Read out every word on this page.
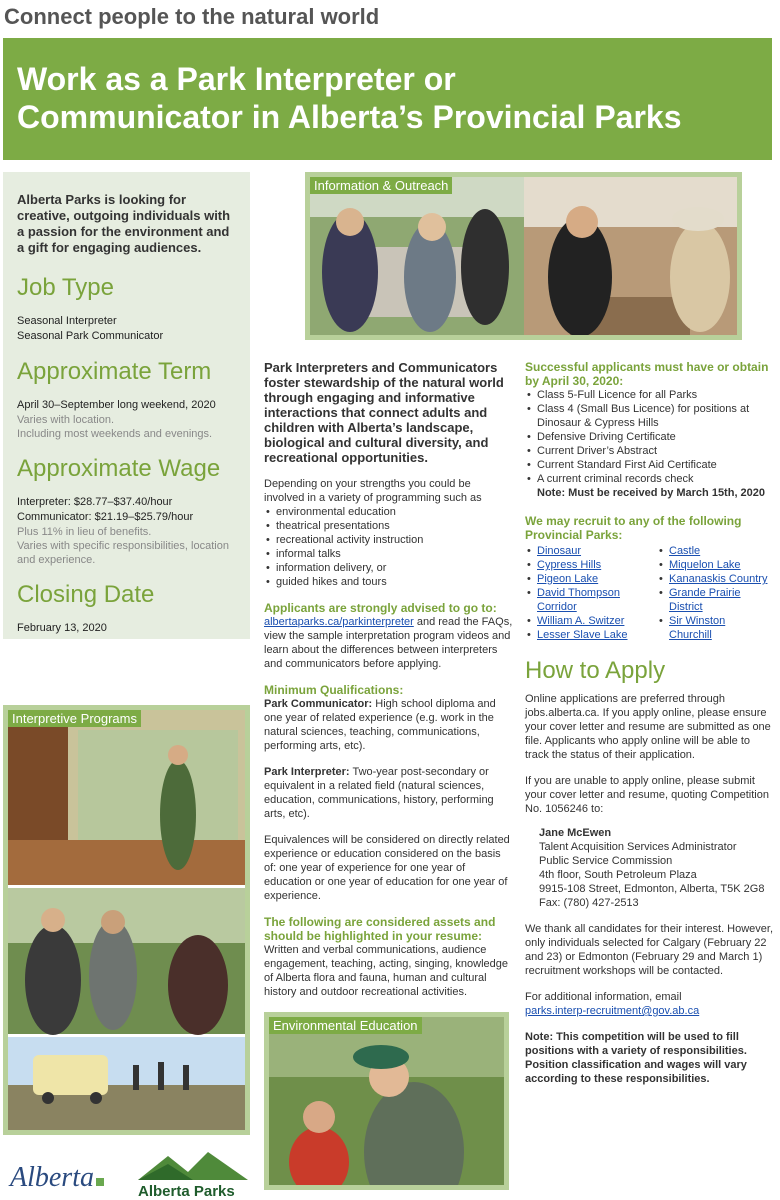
Connect people to the natural world
Work as a Park Interpreter or
Communicator in Alberta’s Provincial Parks
Alberta Parks is looking for creative, outgoing individuals with a passion for the environment and a gift for engaging audiences.
Job Type
Seasonal Interpreter
Seasonal Park Communicator
Approximate Term
April 30–September long weekend, 2020
Varies with location.
Including most weekends and evenings.
Approximate Wage
Interpreter: $28.77–$37.40/hour
Communicator: $21.19–$25.79/hour
Plus 11% in lieu of benefits.
Varies with specific responsibilities, location and experience.
Closing Date
February 13, 2020
Information & Outreach

Park Interpreters and Communicators foster stewardship of the natural world through engaging and informative interactions that connect adults and children with Alberta’s landscape, biological and cultural diversity, and recreational opportunities.

Depending on your strengths you could be involved in a variety of programming such as
• environmental education
• theatrical presentations
• recreational activity instruction
• informal talks
• information delivery, or
• guided hikes and tours
Applicants are strongly advised to go to:

albertaparks.ca/parkinterpreter and read the FAQs, view the sample interpretation program videos and learn about the differences between interpreters and communicators before applying.

Minimum Qualifications:

Park Communicator: High school diploma and one year of related experience (e.g. work in the natural sciences, teaching, communications, performing arts, etc).

Park Interpreter: Two-year post-secondary or equivalent in a related field (natural sciences, education, communications, history, performing arts, etc).

Equivalences will be considered on directly related experience or education considered on the basis of: one year of experience for one year of education or one year of education for one year of experience.

The following are considered assets and should be highlighted in your resume:

Written and verbal communications, audience engagement, teaching, acting, singing, knowledge of Alberta flora and fauna, human and cultural history and outdoor recreational activities.

Successful applicants must have or obtain by April 30, 2020:
• Class 5-Full Licence for all Parks
• Class 4 (Small Bus Licence) for positions at Dinosaur & Cypress Hills
• Defensive Driving Certificate
• Current Driver’s Abstract
• Current Standard First Aid Certificate
• A current criminal records check
Note: Must be received by March 15th, 2020
We may recruit to any of the following Provincial Parks:
• Dinosaur
• Cypress Hills
• Pigeon Lake
• David Thompson Corridor
• William A. Switzer
• Lesser Slave Lake
• Castle
• Miquelon Lake
• Kananaskis Country
• Grande Prairie District
• Sir Winston Churchill
How to Apply

Online applications are preferred through jobs.alberta.ca. If you apply online, please ensure your cover letter and resume are submitted as one file. Applicants who apply online will be able to track the status of their application.

If you are unable to apply online, please submit your cover letter and resume, quoting Competition No. 1056246 to:

Jane McEwen
Talent Acquisition Services Administrator
Public Service Commission
4th floor, South Petroleum Plaza
9915-108 Street, Edmonton, Alberta, T5K 2G8
Fax: (780) 427-2513

We thank all candidates for their interest. However, only individuals selected for Calgary (February 22 and 23) or Edmonton (February 29 and March 1) recruitment workshops will be contacted.

For additional information, email
parks.interp-recruitment@gov.ab.ca

Note: This competition will be used to fill positions with a variety of responsibilities. Position classification and wages will vary according to these responsibilities.

Interpretive Programs
Environmental Education
Alberta	Alberta Parks
